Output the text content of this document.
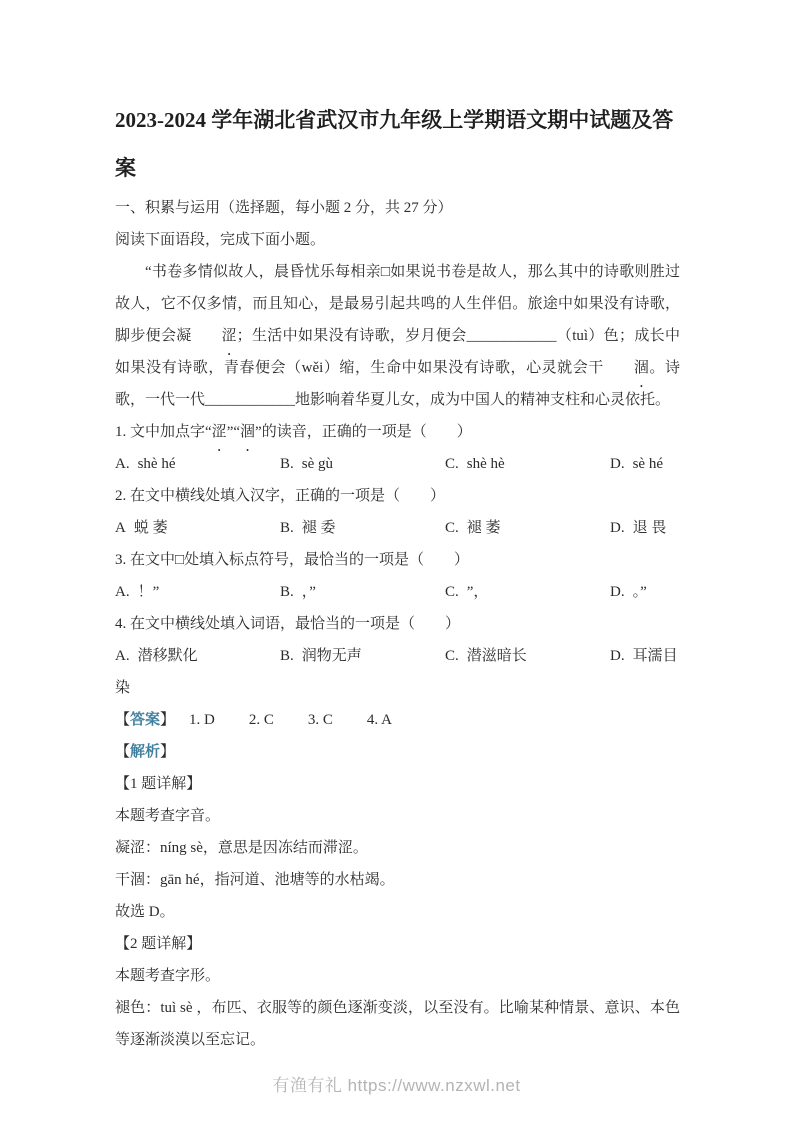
2023-2024 学年湖北省武汉市九年级上学期语文期中试题及答案

一、积累与运用（选择题，每小题 2 分，共 27 分）

阅读下面语段，完成下面小题。

“书卷多情似故人，晨昏忧乐每相亲□如果说书卷是故人，那么其中的诗歌则胜过故人，它不仅多情，而且知心，是最易引起共鸣的人生伴侣。旅途中如果没有诗歌，脚步便会凝 涩；生活中如果没有诗歌，岁月便会____________（tuì）色；成长中如果没有诗歌，青春便会（wěi）缩，生命中如果没有诗歌，心灵就会干 涸。诗歌，一代一代____________地影响着华夏儿女，成为中国人的精神支柱和心灵依托。

1. 文中加点字“涩”“涸”的读音，正确的一项是（　　）

A. shè hé	B. sè gù	C. shè hè	D. sè hé

2. 在文中横线处填入汉字，正确的一项是（　　）

A 蜕 萎	B. 褪 委	C. 褪 萎	D. 退 畏

3. 在文中□处填入标点符号，最恰当的一项是（　　）

A. ！”	B. ，”	C. ”，	D. 。”

4. 在文中横线处填入词语，最恰当的一项是（　　）

A. 潜移默化	B. 润物无声	C. 潜滋暗长	D. 耳濡目染

【答案】 1. D 2. C 3. C 4. A

【解析】

【1 题详解】

本题考查字音。

凝涩：níng sè，意思是因冻结而滞涩。

干涸：gān hé，指河道、池塘等的水枯竭。

故选 D。

【2 题详解】

本题考查字形。

褪色：tuì sè ，布匹、衣服等的颜色逐渐变淡，以至没有。比喻某种情景、意识、本色等逐渐淡漠以至忘记。

有渔有礼 https://www.nzxwl.net
